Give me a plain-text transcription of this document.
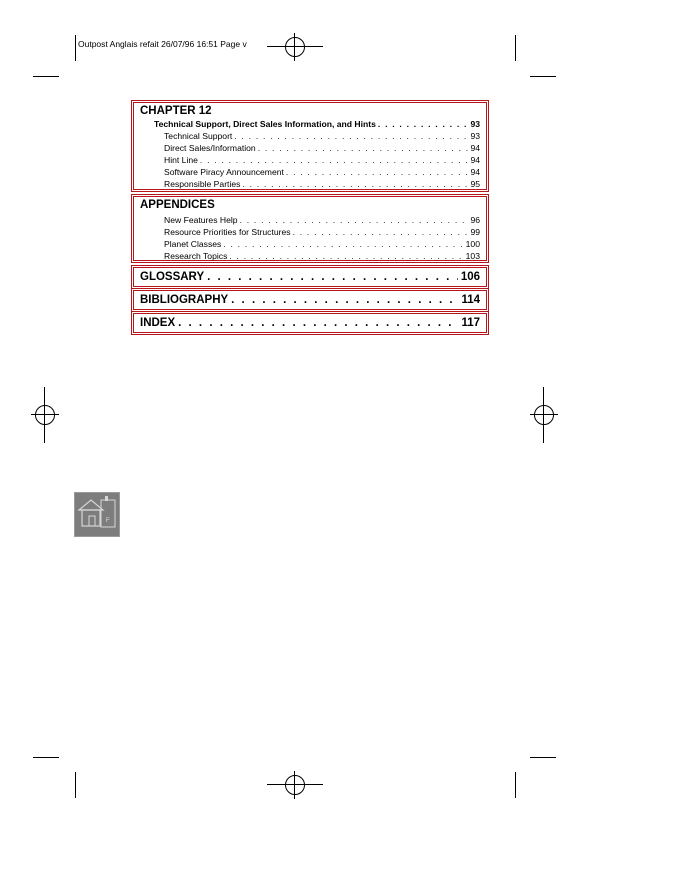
Outpost Anglais refait 26/07/96 16:51 Page v
CHAPTER 12
Technical Support, Direct Sales Information, and Hints . . .	93
Technical Support . . .	93
Direct Sales/Information . . .	94
Hint Line . . .	94
Software Piracy Announcement . . .	94
Responsible Parties . . .	95
APPENDICES
New Features Help . . .	96
Resource Priorities for Structures . . .	99
Planet Classes . . .	100
Research Topics . . .	103
GLOSSARY . . .	106
BIBLIOGRAPHY . . .	114
INDEX . . .	117
F
